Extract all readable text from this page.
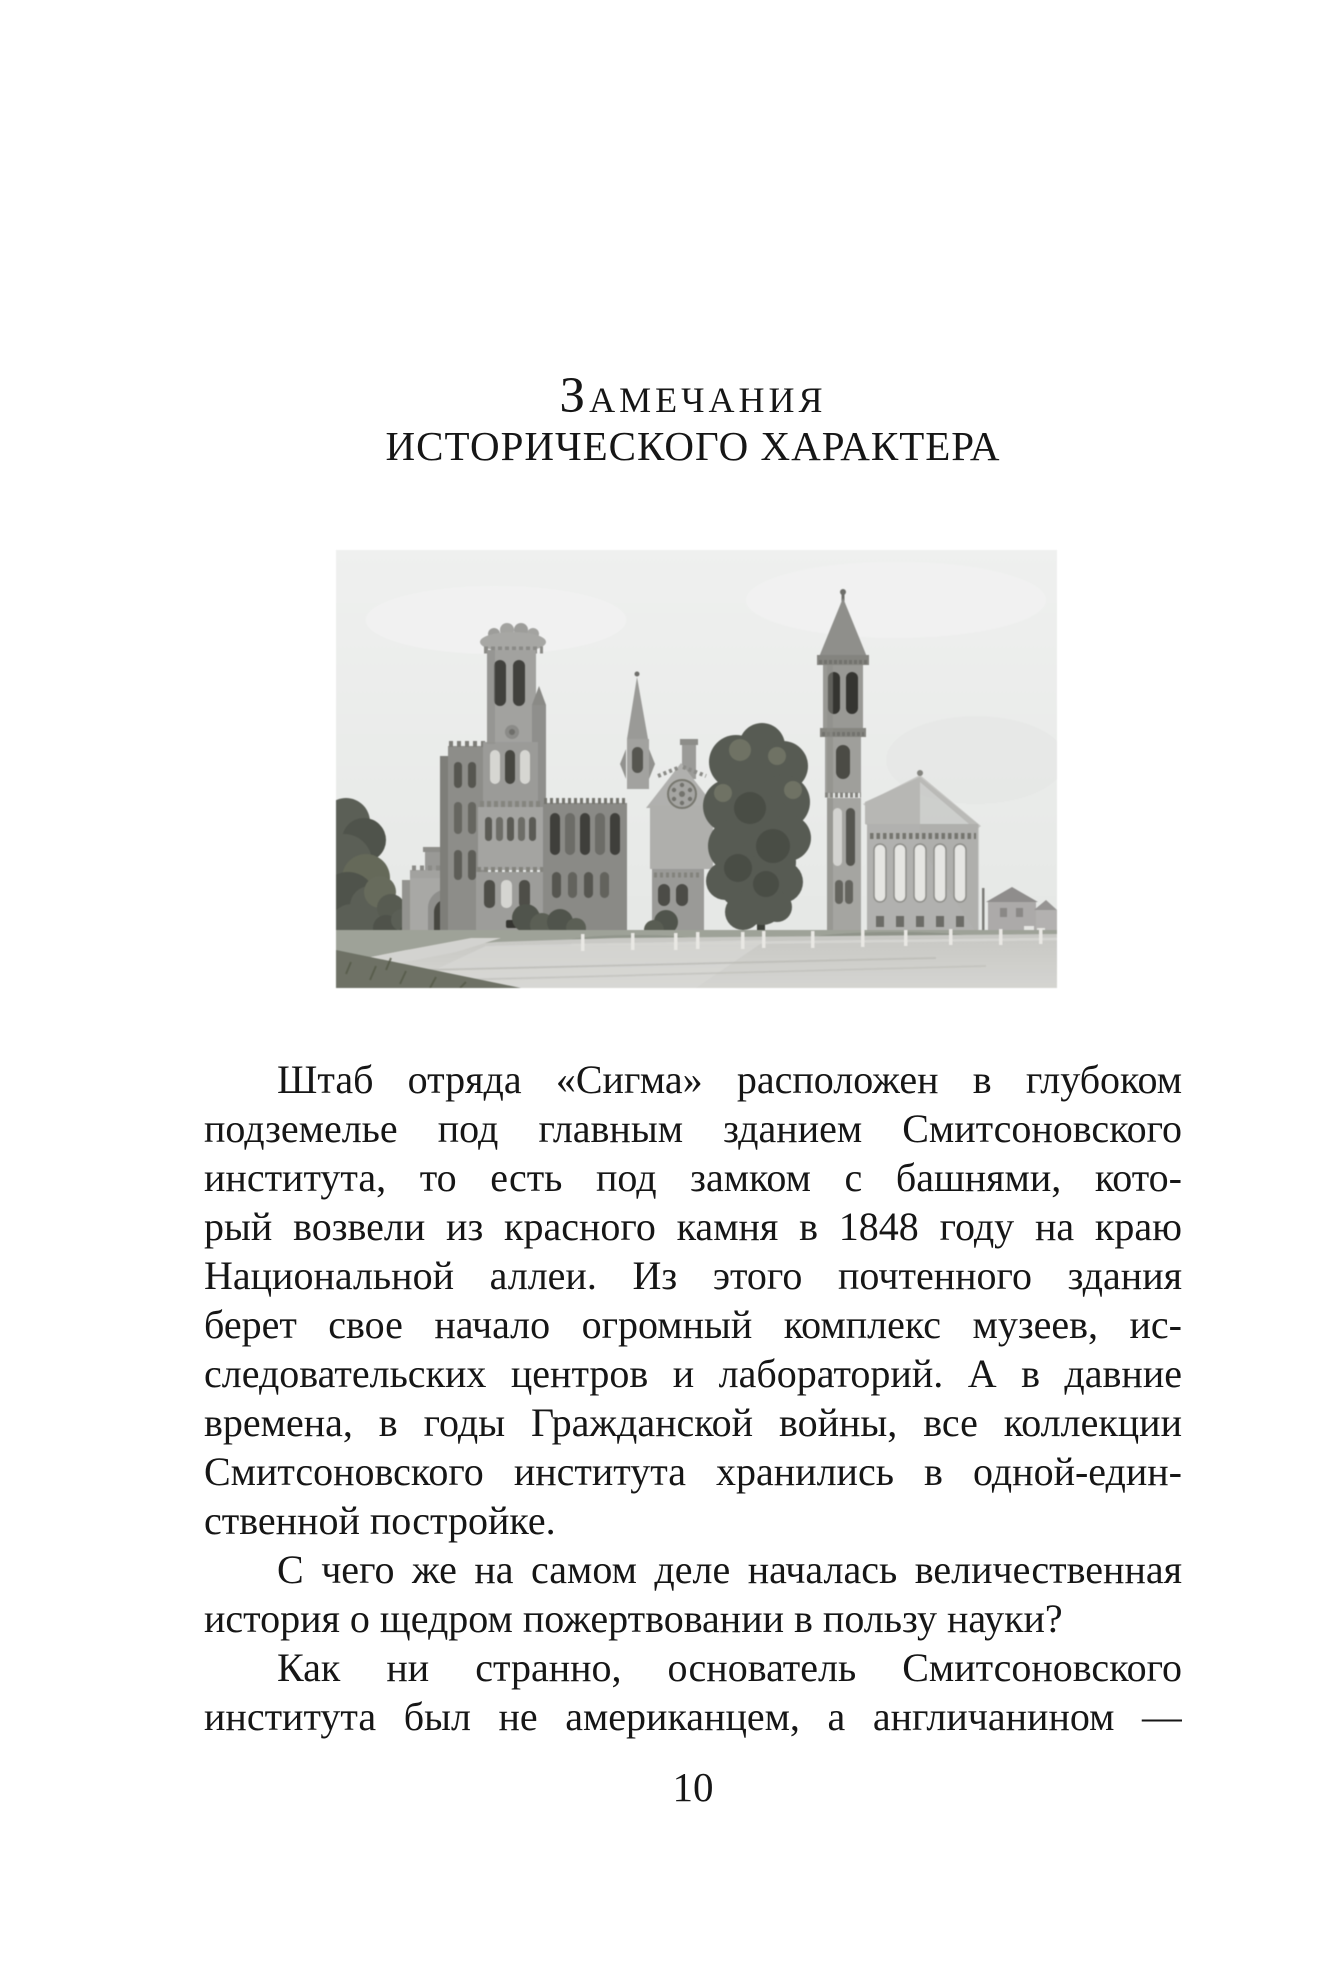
Замечания
ИСТОРИЧЕСКОГО ХАРАКТЕРА
Штаб отряда «Сигма» расположен в глубоком
подземелье под главным зданием Смитсоновского
института, то есть под замком с башнями, кото-
рый возвели из красного камня в 1848 году на краю
Национальной аллеи. Из этого почтенного здания
берет свое начало огромный комплекс музеев, ис-
следовательских центров и лабораторий. А в давние
времена, в годы Гражданской войны, все коллекции
Смитсоновского института хранились в одной-един-
ственной постройке.
С чего же на самом деле началась величественная
история о щедром пожертвовании в пользу науки?
Как ни странно, основатель Смитсоновского
института был не американцем, а англичанином —
10
